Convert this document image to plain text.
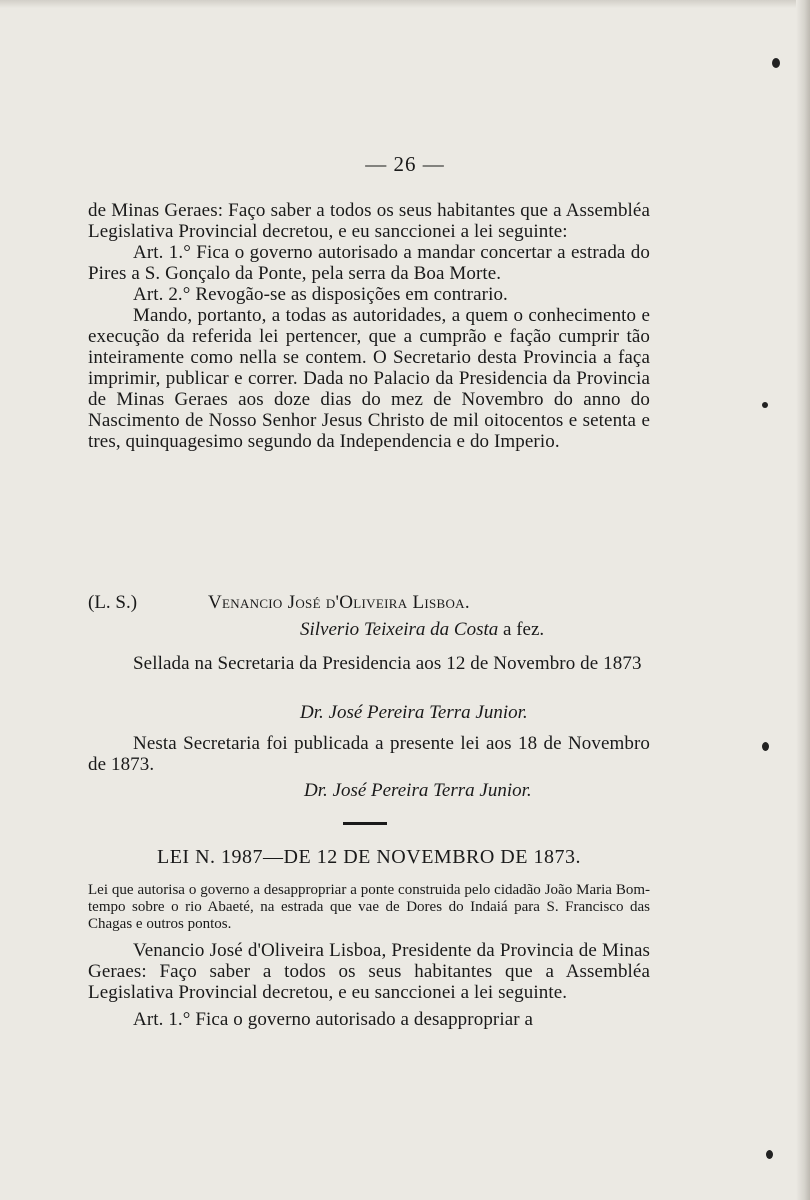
— 26 —

de Minas Geraes: Faço saber a todos os seus habitantes que a Assembléa Legislativa Provincial decretou, e eu sanccionei a lei seguinte:

Art. 1.° Fica o governo autorisado a mandar concertar a estrada do Pires a S. Gonçalo da Ponte, pela serra da Boa Morte.

Art. 2.° Revogão-se as disposições em contrario.

Mando, portanto, a todas as autoridades, a quem o conhecimento e execução da referida lei pertencer, que a cumprão e fação cumprir tão inteiramente como nella se contem. O Secretario desta Provincia a faça imprimir, publicar e correr. Dada no Palacio da Presidencia da Provincia de Minas Geraes aos doze dias do mez de Novembro do anno do Nascimento de Nosso Senhor Jesus Christo de mil oitocentos e setenta e tres, quinquagesimo segundo da Independencia e do Imperio.

(L. S.)	Venancio José d'Oliveira Lisboa.
Silverio Teixeira da Costa a fez.

Sellada na Secretaria da Presidencia aos 12 de Novembro de 1873

Dr. José Pereira Terra Junior.

Nesta Secretaria foi publicada a presente lei aos 18 de Novembro de 1873.

Dr. José Pereira Terra Junior.
LEI N. 1987—DE 12 DE NOVEMBRO DE 1873.

Lei que autorisa o governo a desappropriar a ponte construida pelo cidadão João Maria Bom-tempo sobre o rio Abaeté, na estrada que vae de Dores do Indaiá para S. Francisco das Chagas e outros pontos.

Venancio José d'Oliveira Lisboa, Presidente da Provincia de Minas Geraes: Faço saber a todos os seus habitantes que a Assembléa Legislativa Provincial decretou, e eu sanccionei a lei seguinte.

Art. 1.° Fica o governo autorisado a desappropriar a
